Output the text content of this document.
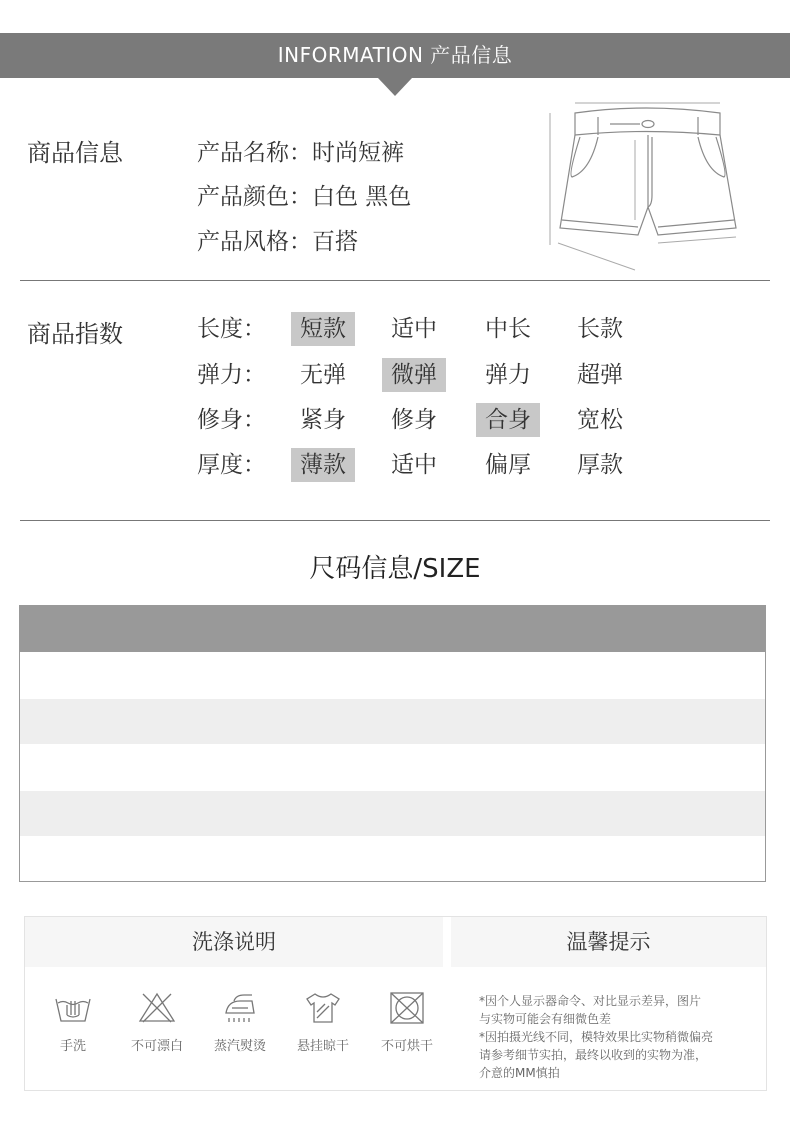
INFORMATION 产品信息
商品信息	产品名称：时尚短裤
产品颜色：白色 黑色
产品风格：百搭
商品指数	长度：	短款	适中	中长	长款
弹力：	无弹	微弹	弹力	超弹
修身：	紧身	修身	合身	宽松
厚度：	薄款	适中	偏厚	厚款
尺码信息/SIZE
洗涤说明	温馨提示
手洗	不可漂白	蒸汽熨烫	悬挂晾干	不可烘干
*因个人显示器命令、对比显示差异，图片
与实物可能会有细微色差
*因拍摄光线不同，模特效果比实物稍微偏亮
请参考细节实拍，最终以收到的实物为准，
介意的MM慎拍
